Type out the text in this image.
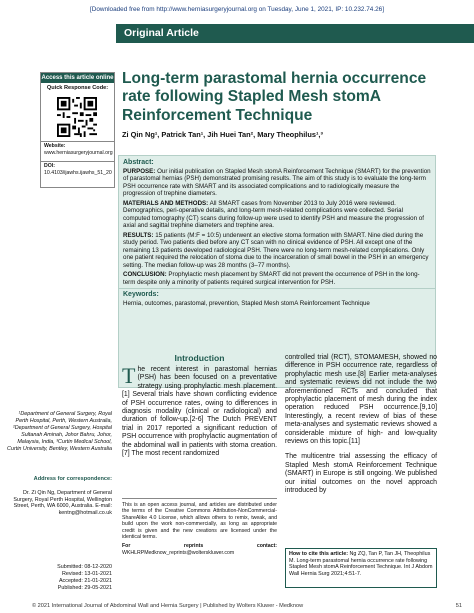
[Downloaded free from http://www.herniasurgeryjournal.org on Tuesday, June 1, 2021, IP: 10.232.74.26]
Original Article
Access this article online
Quick Response Code:
Website:
www.herniasurgeryjournal.org
DOI:
10.4103/ijawhs.ijawhs_51_20
Long-term parastomal hernia occurrence rate following Stapled Mesh stomA Reinforcement Technique
Zi Qin Ng¹, Patrick Tan¹, Jih Huei Tan², Mary Theophilus¹,³
Abstract:

PURPOSE: Our initial publication on Stapled Mesh stomA Reinforcement Technique (SMART) for the prevention of parastomal hernias (PSH) demonstrated promising results. The aim of this study is to evaluate the long-term PSH occurrence rate with SMART and its associated complications and to radiologically measure the progression of trephine diameters.

MATERIALS AND METHODS: All SMART cases from November 2013 to July 2016 were reviewed. Demographics, peri-operative details, and long-term mesh-related complications were collected. Serial computed tomography (CT) scans during follow-up were used to identify PSH and measure the progression of axial and sagittal trephine diameters and trephine area.

RESULTS: 15 patients (M:F = 10:5) underwent an elective stoma formation with SMART. Nine died during the study period. Two patients died before any CT scan with no clinical evidence of PSH. All except one of the remaining 13 patients developed radiological PSH. There were no long-term mesh-related complications. Only one patient required the relocation of stoma due to the incarceration of small bowel in the PSH in an emergency setting. The median follow-up was 28 months (3–77 months).

CONCLUSION: Prophylactic mesh placement by SMART did not prevent the occurrence of PSH in the long-term despite only a minority of patients required surgical intervention for PSH.

Keywords:

Hernia, outcomes, parastomal, prevention, Stapled Mesh stomA Reinforcement Technique

¹Department of General Surgery, Royal Perth Hospital, Perth, Western Australia, ²Department of General Surgery, Hospital Sultanah Aminah, Johor Bahru, Johor, Malaysia, India, ³Curtin Medical School, Curtin University, Bentley, Western Australia
Address for correspondence:
Dr. Zi Qin Ng, Department of General Surgery, Royal Perth Hospital, Wellington Street, Perth, WA 6000, Australia. E-mail: kentng@hotmail.co.uk
Submitted: 08-12-2020
Revised: 13-01-2021
Accepted: 21-01-2021
Published: 29-05-2021
Introduction
The recent interest in parastomal hernias (PSH) has been focused on a preventative strategy using prophylactic mesh placement.[1] Several trials have shown conflicting evidence of PSH occurrence rates, owing to differences in diagnosis modality (clinical or radiological) and duration of follow-up.[2-6] The Dutch PREVENT trial in 2017 reported a significant reduction of PSH occurrence with prophylactic augmentation of the abdominal wall in patients with stoma creation.[7] The most recent randomized

controlled trial (RCT), STOMAMESH, showed no difference in PSH occurrence rate, regardless of prophylactic mesh use.[8] Earlier meta-analyses and systematic reviews did not include the two aforementioned RCTs and concluded that prophylactic placement of mesh during the index operation reduced PSH occurrence.[9,10] Interestingly, a recent review of bias of these meta-analyses and systematic reviews showed a considerable mixture of high- and low-quality reviews on this topic.[11]

The multicentre trial assessing the efficacy of Stapled Mesh stomA Reinforcement Technique (SMART) in Europe is still ongoing. We published our initial outcomes on the novel approach introduced by

This is an open access journal, and articles are distributed under the terms of the Creative Commons Attribution-NonCommercial-ShareAlike 4.0 License, which allows others to remix, tweak, and build upon the work non-commercially, as long as appropriate credit is given and the new creations are licensed under the identical terms.

For reprints contact: WKHLRPMedknow_reprints@wolterskluwer.com	How to cite this article: Ng ZQ, Tan P, Tan JH, Theophilus M. Long-term parastomal hernia occurrence rate following Stapled Mesh stomA Reinforcement Technique. Int J Abdom Wall Hernia Surg 2021;4:51-7.
© 2021 International Journal of Abdominal Wall and Hernia Surgery | Published by Wolters Kluwer - Medknow	51
